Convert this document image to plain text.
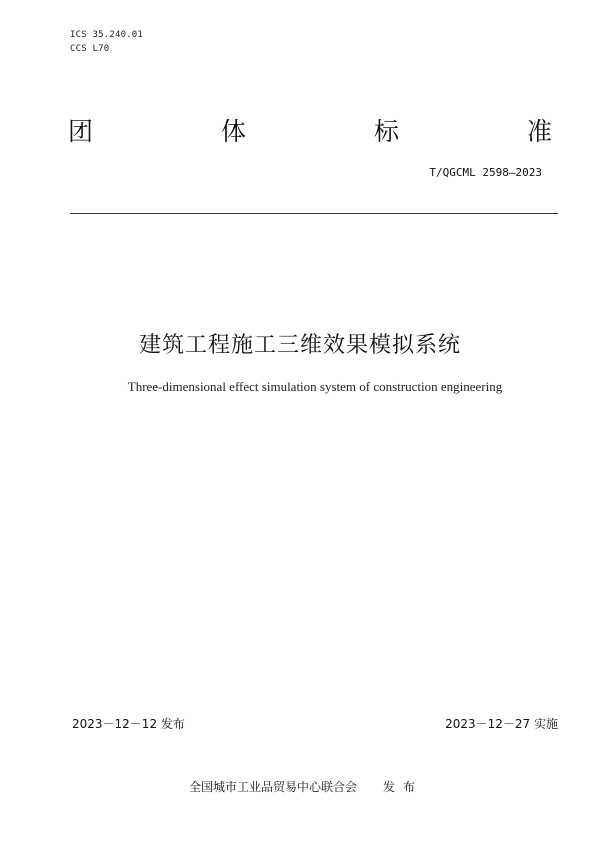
ICS 35.240.01
CCS L70
团	体	标	准
T/QGCML 2598—2023
建筑工程施工三维效果模拟系统
Three-dimensional effect simulation system of construction engineering
2023－12－12 发布	2023－12－27 实施
全国城市工业品贸易中心联合会 发布
